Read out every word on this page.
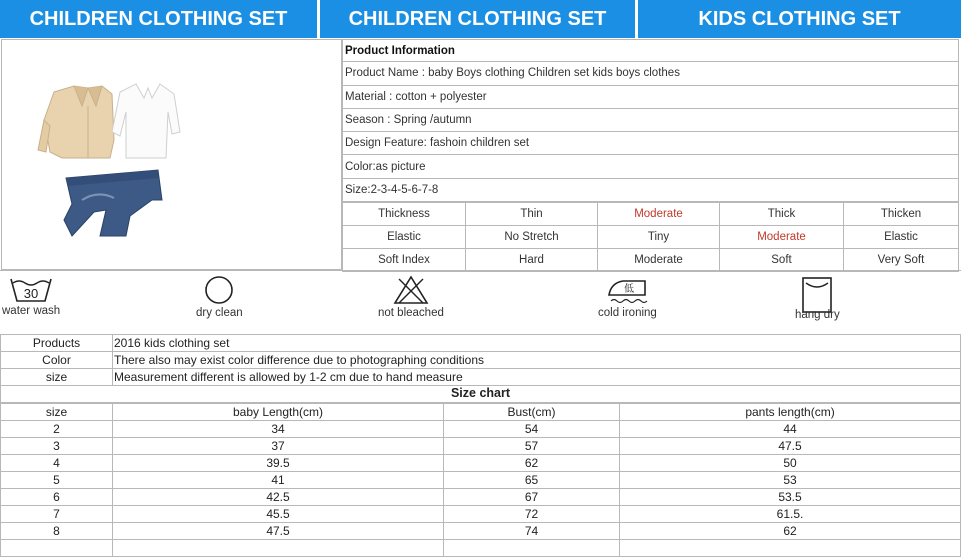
CHILDREN CLOTHING SET	CHILDREN CLOTHING SET	KIDS CLOTHING SET
Product Information
Product Name : baby Boys clothing Children set kids boys clothes
Material : cotton + polyester
Season : Spring /autumn
Design Feature: fashoin children set
Color:as picture
Size:2-3-4-5-6-7-8
Thickness	Thin	Moderate	Thick	Thicken
Elastic	No Stretch	Tiny	Moderate	Elastic
Soft Index	Hard	Moderate	Soft	Very Soft
30
water wash	dry clean	not bleached
低
cold ironing	hang dry
Products	2016 kids clothing set
Color	There also may exist color difference due to photographing conditions
size	Measurement different is allowed by 1-2 cm due to hand measure
Size chart
size	baby Length(cm)	Bust(cm)	pants length(cm)
2	34	54	44
3	37	57	47.5
4	39.5	62	50
5	41	65	53
6	42.5	67	53.5
7	45.5	72	61.5.
8	47.5	74	62
